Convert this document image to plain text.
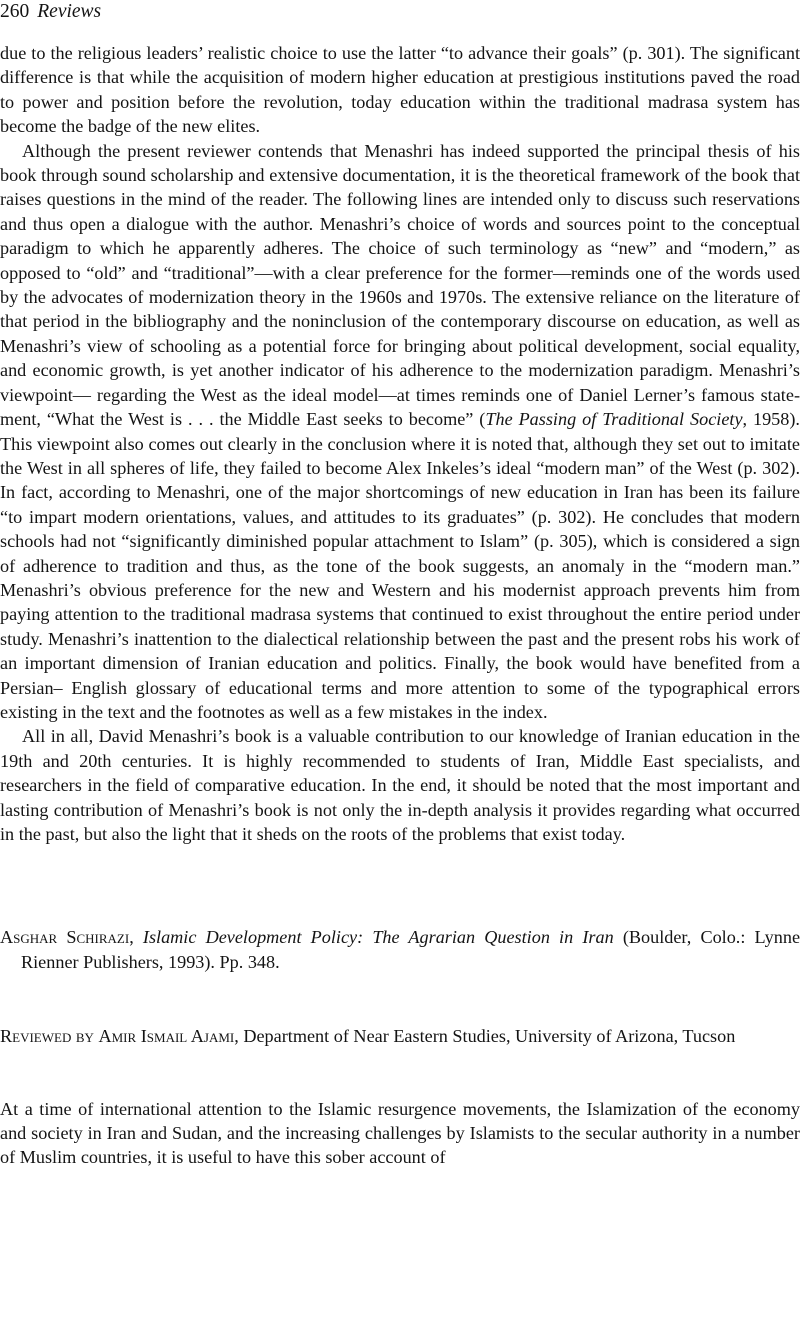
260 Reviews

due to the religious leaders’ realistic choice to use the latter “to advance their goals” (p. 301). The significant difference is that while the acquisition of modern higher education at prestigious institutions paved the road to power and position before the revolution, today education within the traditional madrasa system has become the badge of the new elites.

Although the present reviewer contends that Menashri has indeed supported the principal thesis of his book through sound scholarship and extensive documentation, it is the theoretical framework of the book that raises questions in the mind of the reader. The following lines are intended only to discuss such reservations and thus open a dialogue with the author. Menashri’s choice of words and sources point to the conceptual paradigm to which he apparently adheres. The choice of such terminology as “new” and “modern,” as opposed to “old” and “traditional”—with a clear preference for the former—reminds one of the words used by the advocates of modernization theory in the 1960s and 1970s. The extensive reliance on the literature of that period in the bibliography and the noninclusion of the contemporary discourse on education, as well as Menashri’s view of schooling as a potential force for bringing about political development, social equality, and economic growth, is yet another indicator of his adherence to the modernization paradigm. Menashri’s viewpoint— regarding the West as the ideal model—at times reminds one of Daniel Lerner’s famous statement, “What the West is . . . the Middle East seeks to become” (The Passing of Traditional Society, 1958). This viewpoint also comes out clearly in the conclusion where it is noted that, although they set out to imitate the West in all spheres of life, they failed to become Alex Inkeles’s ideal “modern man” of the West (p. 302). In fact, according to Menashri, one of the major shortcomings of new education in Iran has been its failure “to impart modern orientations, values, and attitudes to its graduates” (p. 302). He concludes that modern schools had not “significantly diminished popular attachment to Islam” (p. 305), which is considered a sign of adherence to tradition and thus, as the tone of the book suggests, an anomaly in the “modern man.” Menashri’s obvious preference for the new and Western and his modernist approach prevents him from paying attention to the traditional madrasa systems that continued to exist throughout the entire period under study. Menashri’s inattention to the dialectical relationship between the past and the present robs his work of an important dimension of Iranian education and politics. Finally, the book would have benefited from a Persian– English glossary of educational terms and more attention to some of the typographical errors existing in the text and the footnotes as well as a few mistakes in the index.

All in all, David Menashri’s book is a valuable contribution to our knowledge of Iranian education in the 19th and 20th centuries. It is highly recommended to students of Iran, Middle East specialists, and researchers in the field of comparative education. In the end, it should be noted that the most important and lasting contribution of Menashri’s book is not only the in-depth analysis it provides regarding what occurred in the past, but also the light that it sheds on the roots of the problems that exist today.

Asghar Schirazi, Islamic Development Policy: The Agrarian Question in Iran (Boulder, Colo.: Lynne Rienner Publishers, 1993). Pp. 348.

Reviewed by Amir Ismail Ajami, Department of Near Eastern Studies, University of Arizona, Tucson

At a time of international attention to the Islamic resurgence movements, the Islamization of the economy and society in Iran and Sudan, and the increasing challenges by Islamists to the secular authority in a number of Muslim countries, it is useful to have this sober account of
